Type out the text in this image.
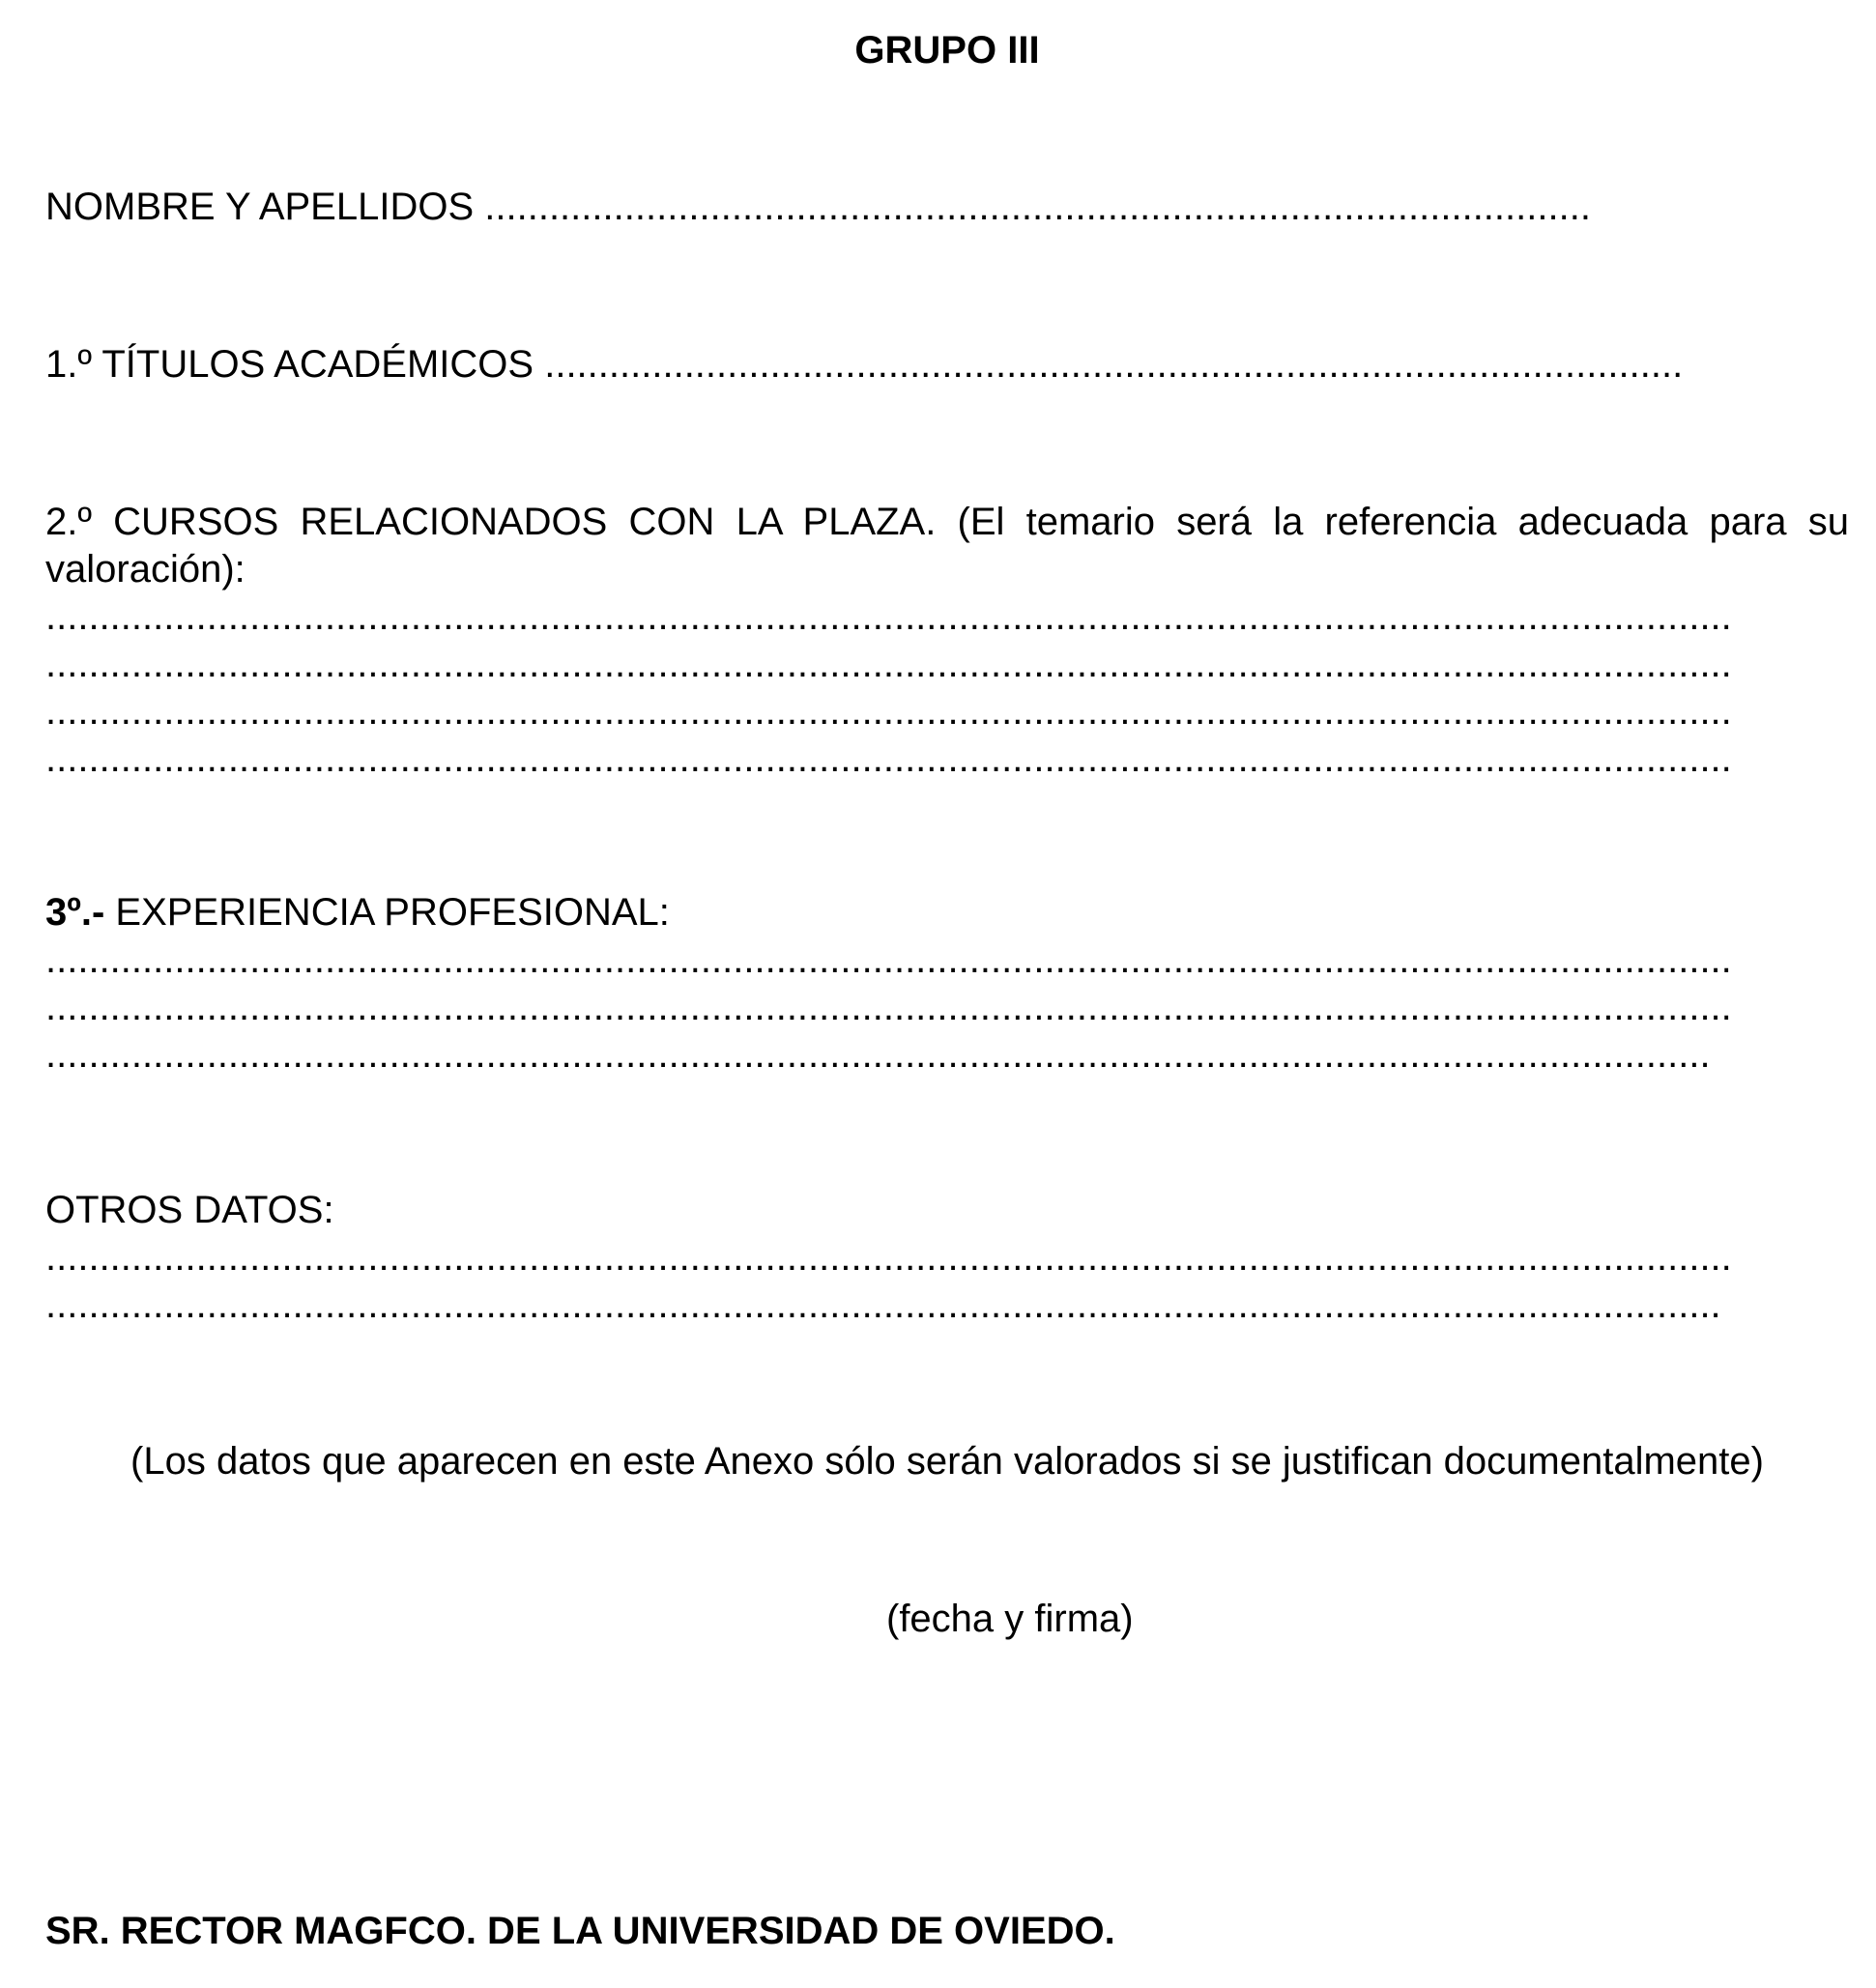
GRUPO III
NOMBRE Y APELLIDOS .......................................................................................................
1.º TÍTULOS ACADÉMICOS ..........................................................................................................
2.º CURSOS RELACIONADOS CON LA PLAZA. (El temario será la referencia adecuada para su
valoración):
.............................................................................................................................................................
.............................................................................................................................................................
.............................................................................................................................................................
.............................................................................................................................................................
3º.- EXPERIENCIA PROFESIONAL:
.............................................................................................................................................................
.............................................................................................................................................................
...........................................................................................................................................................
OTROS DATOS:
.............................................................................................................................................................
............................................................................................................................................................
(Los datos que aparecen en este Anexo sólo serán valorados si se justifican documentalmente)
(fecha y firma)
SR. RECTOR MAGFCO. DE LA UNIVERSIDAD DE OVIEDO.
